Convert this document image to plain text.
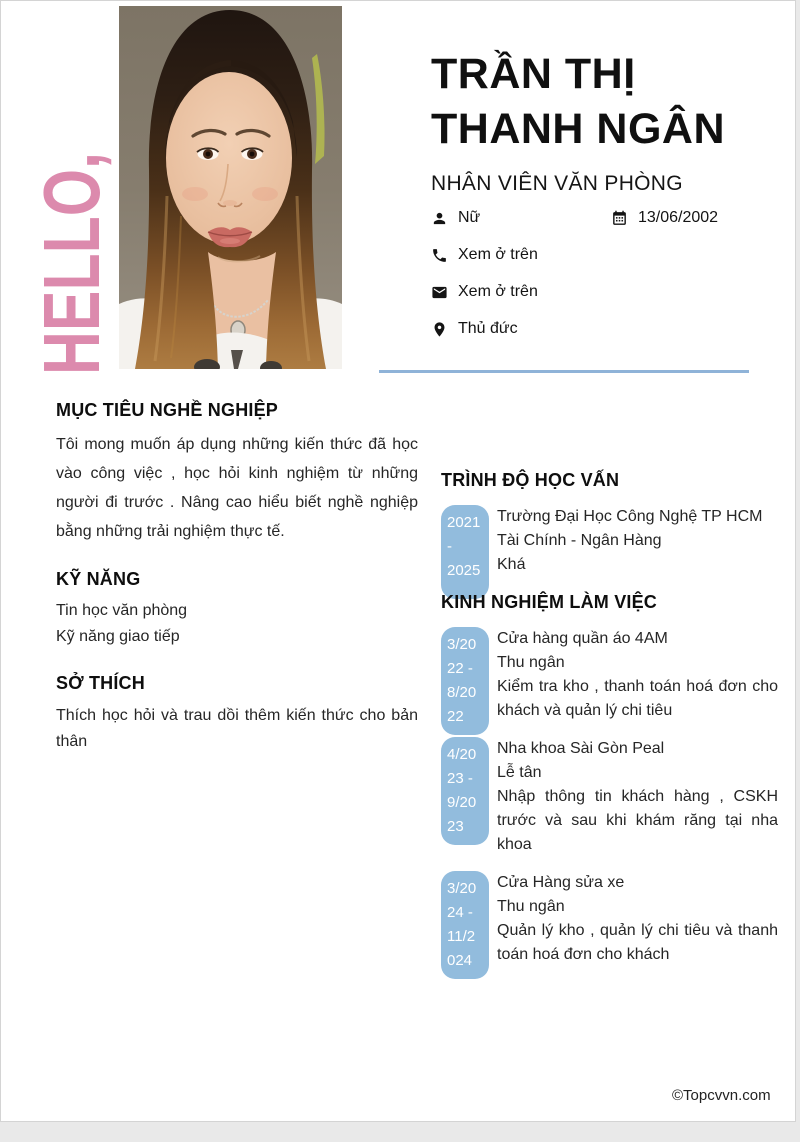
HELLO,
TRẦN THỊ THANH NGÂN
NHÂN VIÊN VĂN PHÒNG
Nữ	13/06/2002
Xem ở trên
Xem ở trên
Thủ đức
MỤC TIÊU NGHỀ NGHIỆP

Tôi mong muốn áp dụng những kiến thức đã học vào công việc , học hỏi kinh nghiệm từ những người đi trước . Nâng cao hiểu biết nghề nghiệp bằng những trải nghiệm thực tế.

KỸ NĂNG
Tin học văn phòng
Kỹ năng giao tiếp
SỞ THÍCH

Thích học hỏi và trau dồi thêm kiến thức cho bản thân

TRÌNH ĐỘ HỌC VẤN
2021 - 2025
Trường Đại Học Công Nghệ TP HCM
Tài Chính - Ngân Hàng
Khá
KINH NGHIỆM LÀM VIỆC
3/2022 - 8/2022
Cửa hàng quần áo 4AM
Thu ngân
Kiểm tra kho , thanh toán hoá đơn cho khách và quản lý chi tiêu
4/2023 - 9/2023
Nha khoa Sài Gòn Peal
Lễ tân
Nhập thông tin khách hàng , CSKH trước và sau khi khám răng tại nha khoa
3/2024 - 11/2024
Cửa Hàng sửa xe
Thu ngân
Quản lý kho , quản lý chi tiêu và thanh toán hoá đơn cho khách
©Topcvvn.com
